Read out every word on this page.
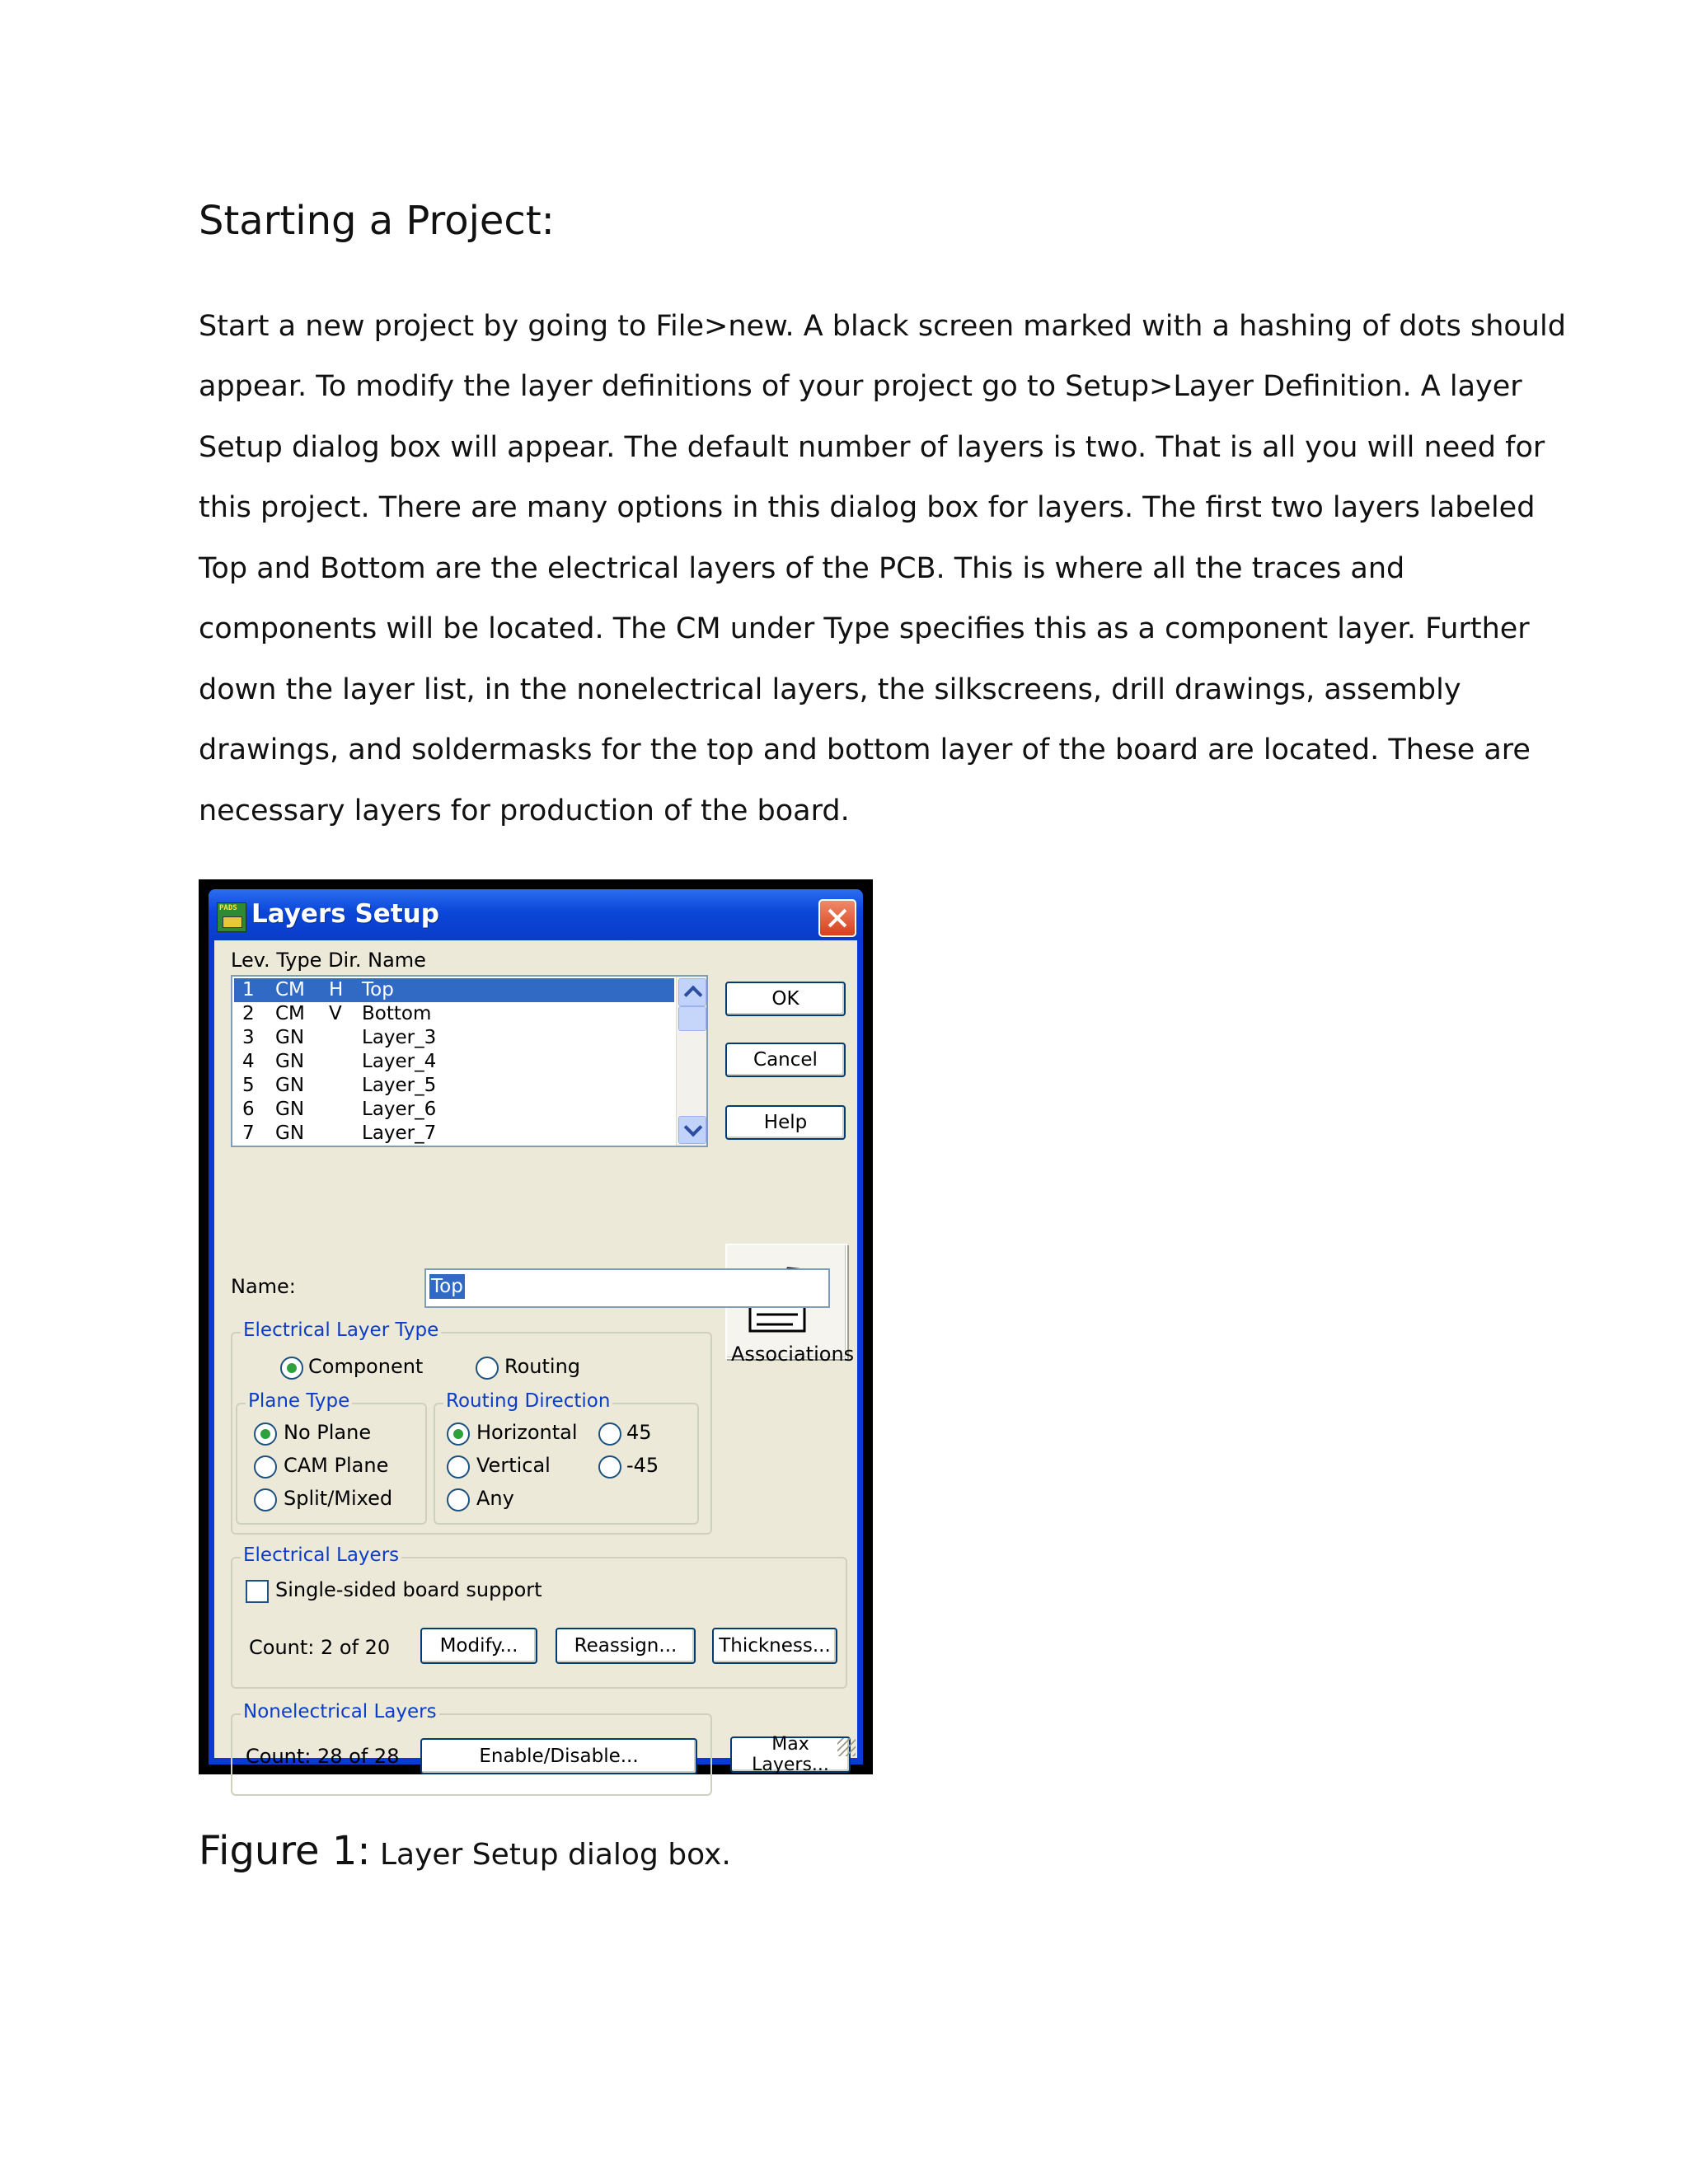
Starting a Project:

Start a new project by going to File>new. A black screen marked with a hashing of dots should

appear. To modify the layer definitions of your project go to Setup>Layer Definition. A layer

Setup dialog box will appear. The default number of layers is two. That is all you will need for

this project. There are many options in this dialog box for layers. The first two layers labeled

Top and Bottom are the electrical layers of the PCB. This is where all the traces and

components will be located. The CM under Type specifies this as a component layer. Further

down the layer list, in the nonelectrical layers, the silkscreens, drill drawings, assembly

drawings, and soldermasks for the top and bottom layer of the board are located. These are

necessary layers for production of the board.

PADS Layers Setup
Lev. Type Dir. Name
1 CM H Top
2 CM V Bottom
3 GN	Layer_3
4 GN	Layer_4
5 GN	Layer_5
6 GN	Layer_6
7 GN	Layer_7
OK
Cancel
Help
Associations
Name:	Top
Electrical Layer Type
Component	Routing
Plane Type
No Plane
CAM Plane
Split/Mixed
Routing Direction
Horizontal
Vertical
Any
45
-45
Electrical Layers
Single-sided board support
Count: 2 of 20	Modify...	Reassign...	Thickness...
Nonelectrical Layers
Count: 28 of 28	Enable/Disable...
Max Layers...
Figure 1: Layer Setup dialog box.
